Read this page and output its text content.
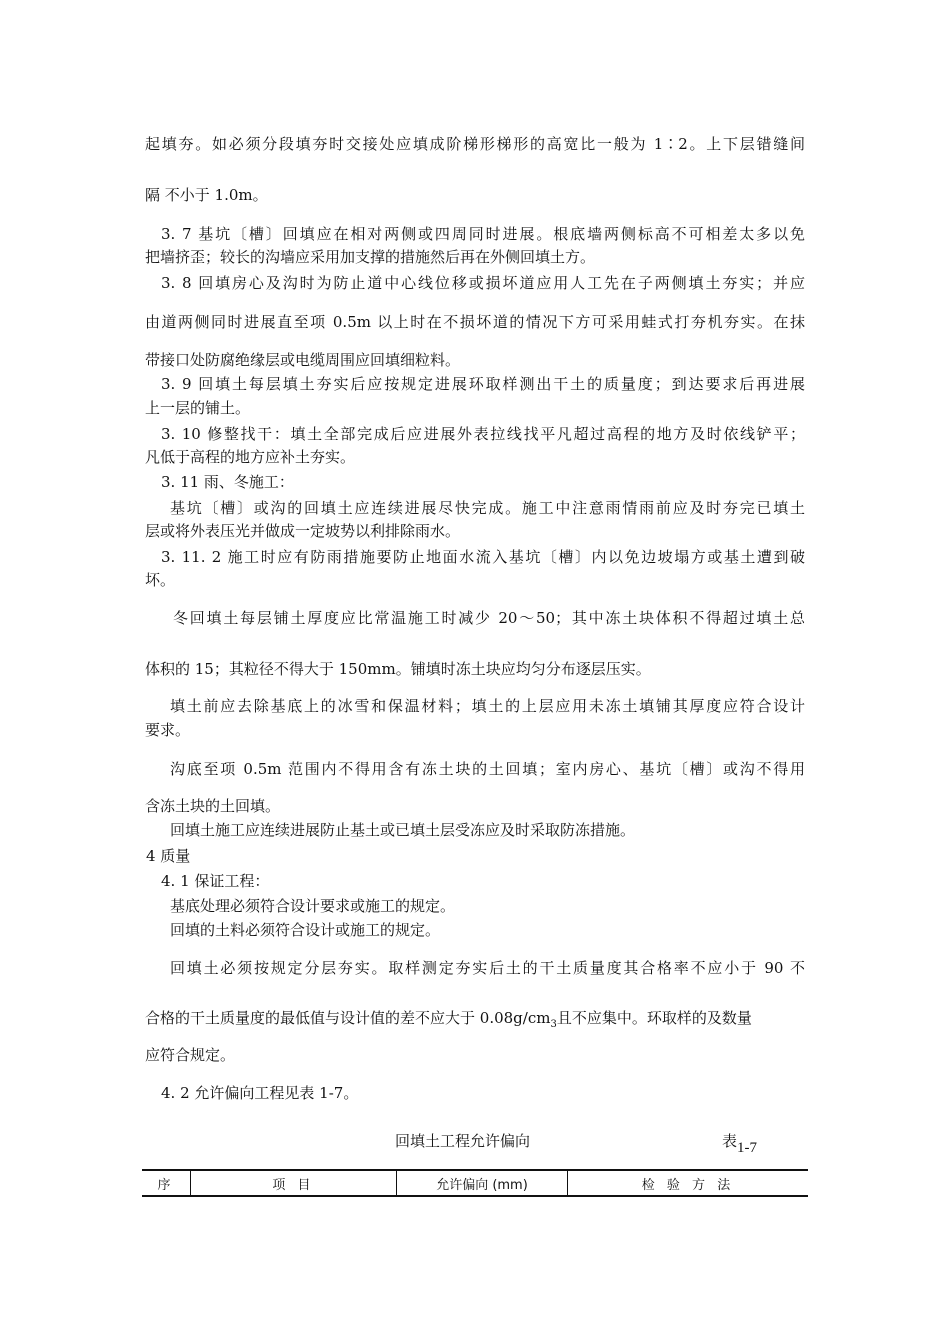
起填夯。如必须分段填夯时交接处应填成阶梯形梯形的高宽比一般为 1∶2。上下层错缝间
隔 不小于 1.0m。
3. 7 基坑〔槽〕回填应在相对两侧或四周同时进展。根底墙两侧标高不可相差太多以免
把墙挤歪；较长的沟墙应采用加支撑的措施然后再在外侧回填土方。
3. 8 回填房心及沟时为防止道中心线位移或损坏道应用人工先在子两侧填土夯实；并应
由道两侧同时进展直至项 0.5m 以上时在不损坏道的情况下方可采用蛙式打夯机夯实。在抹
带接口处防腐绝缘层或电缆周围应回填细粒料。
3. 9 回填土每层填土夯实后应按规定进展环取样测出干土的质量度；到达要求后再进展
上一层的铺土。
3. 10 修整找干：填土全部完成后应进展外表拉线找平凡超过高程的地方及时依线铲平；
凡低于高程的地方应补土夯实。
3. 11 雨、冬施工：
基坑〔槽〕或沟的回填土应连续进展尽快完成。施工中注意雨情雨前应及时夯完已填土
层或将外表压光并做成一定坡势以利排除雨水。
3. 11. 2 施工时应有防雨措施要防止地面水流入基坑〔槽〕内以免边坡塌方或基土遭到破
坏。
冬回填土每层铺土厚度应比常温施工时减少 20～50；其中冻土块体积不得超过填土总
体积的 15；其粒径不得大于 150mm。铺填时冻土块应均匀分布逐层压实。
填土前应去除基底上的冰雪和保温材料；填土的上层应用未冻土填铺其厚度应符合设计
要求。
沟底至项 0.5m 范围内不得用含有冻土块的土回填；室内房心、基坑〔槽〕或沟不得用
含冻土块的土回填。
回填土施工应连续进展防止基土或已填土层受冻应及时采取防冻措施。
4 质量
4. 1 保证工程：
基底处理必须符合设计要求或施工的规定。
回填的土料必须符合设计或施工的规定。
回填土必须按规定分层夯实。取样测定夯实后土的干土质量度其合格率不应小于 90 不
合格的干土质量度的最低值与设计值的差不应大于 $0.08g/cm_3$且不应集中。环取样的及数量
应符合规定。
4. 2 允许偏向工程见表 1-7。
回填土工程允许偏向	表1-7
序	项 目	允许偏向 (mm)	检 验 方 法
